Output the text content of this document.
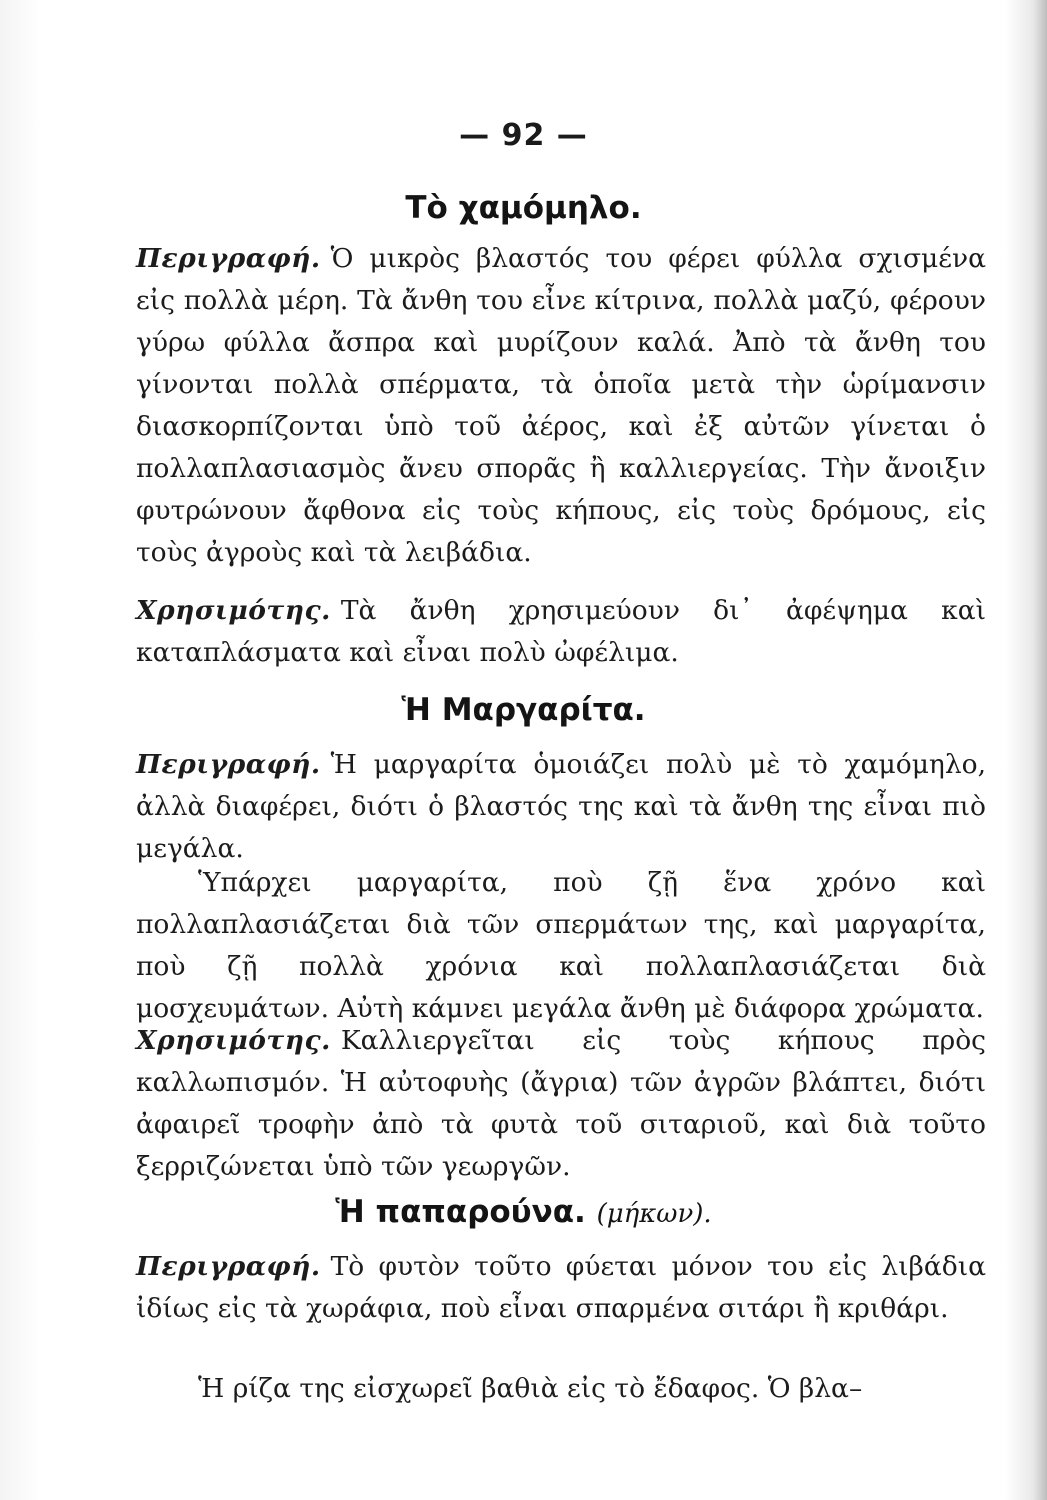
— 92 —
Τὸ χαμόμηλο.
Περιγραφή. Ὁ μικρὸς βλαστός του φέρει φύλλα σχισμένα εἰς πολλὰ μέρη. Τὰ ἄνθη του εἶνε κίτρινα, πολλὰ μαζύ, φέρουν γύρω φύλλα ἄσπρα καὶ μυρίζουν καλά. Ἀπὸ τὰ ἄνθη του γίνονται πολλὰ σπέρματα, τὰ ὁποῖα μετὰ τὴν ὡρίμανσιν διασκορπίζονται ὑπὸ τοῦ ἀέρος, καὶ ἐξ αὐτῶν γίνεται ὁ πολλαπλασιασμὸς ἄνευ σπορᾶς ἢ καλλιεργείας. Τὴν ἄνοιξιν φυτρώνουν ἄφθονα εἰς τοὺς κήπους, εἰς τοὺς δρόμους, εἰς τοὺς ἀγροὺς καὶ τὰ λειβάδια.
Χρησιμότης. Τὰ ἄνθη χρησιμεύουν δι᾽ ἀφέψημα καὶ καταπλάσματα καὶ εἶναι πολὺ ὠφέλιμα.
Ἡ Μαργαρίτα.
Περιγραφή. Ἡ μαργαρίτα ὁμοιάζει πολὺ μὲ τὸ χαμόμηλο, ἀλλὰ διαφέρει, διότι ὁ βλαστός της καὶ τὰ ἄνθη της εἶναι πιὸ μεγάλα.
Ὑπάρχει μαργαρίτα, ποὺ ζῇ ἕνα χρόνο καὶ πολλαπλασιάζεται διὰ τῶν σπερμάτων της, καὶ μαργαρίτα, ποὺ ζῇ πολλὰ χρόνια καὶ πολλαπλασιάζεται διὰ μοσχευμάτων. Αὐτὴ κάμνει μεγάλα ἄνθη μὲ διάφορα χρώματα.
Χρησιμότης. Καλλιεργεῖται εἰς τοὺς κήπους πρὸς καλλωπισμόν. Ἡ αὐτοφυὴς (ἄγρια) τῶν ἀγρῶν βλάπτει, διότι ἀφαιρεῖ τροφὴν ἀπὸ τὰ φυτὰ τοῦ σιταριοῦ, καὶ διὰ τοῦτο ξερριζώνεται ὑπὸ τῶν γεωργῶν.
Ἡ παπαρούνα. (μήκων).
Περιγραφή. Τὸ φυτὸν τοῦτο φύεται μόνον του εἰς λιβάδια ἰδίως εἰς τὰ χωράφια, ποὺ εἶναι σπαρμένα σιτάρι ἢ κριθάρι.
Ἡ ρίζα της εἰσχωρεῖ βαθιὰ εἰς τὸ ἔδαφος. Ὁ βλα–
